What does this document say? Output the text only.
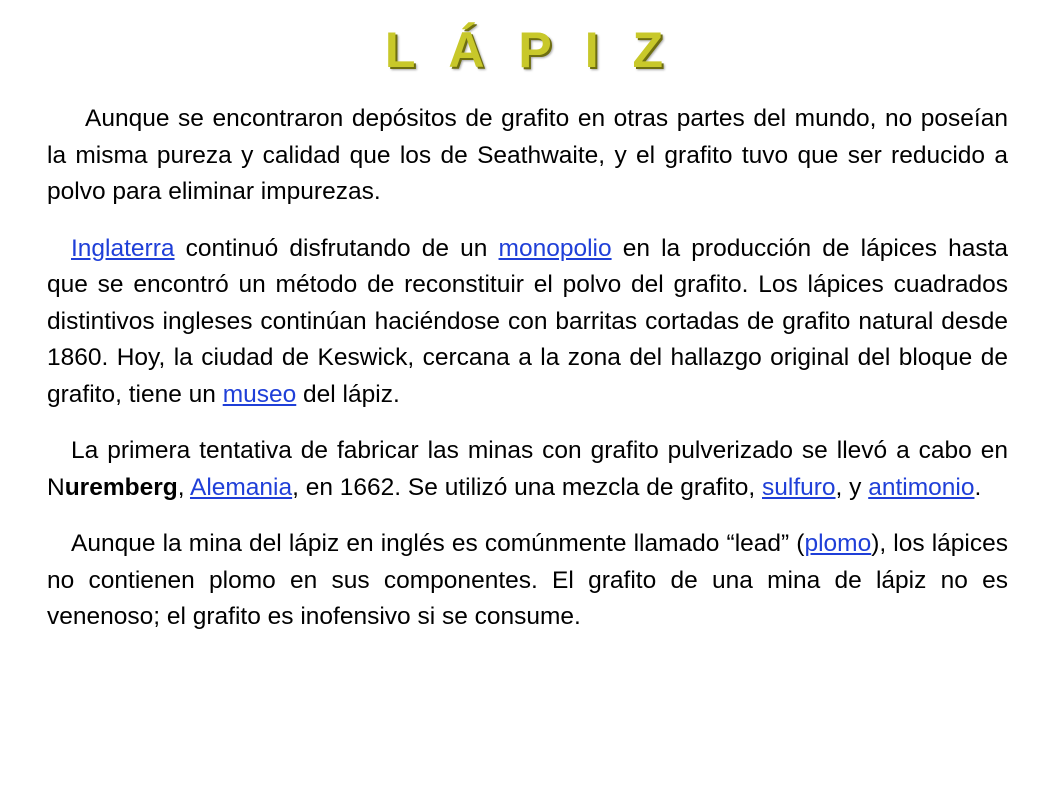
L Á P I Z

Aunque se encontraron depósitos de grafito en otras partes del mundo, no poseían la misma pureza y calidad que los de Seathwaite, y el grafito tuvo que ser reducido a polvo para eliminar impurezas.

Inglaterra continuó disfrutando de un monopolio en la producción de lápices hasta que se encontró un método de reconstituir el polvo del grafito. Los lápices cuadrados distintivos ingleses continúan haciéndose con barritas cortadas de grafito natural desde 1860. Hoy, la ciudad de Keswick, cercana a la zona del hallazgo original del bloque de grafito, tiene un museo del lápiz.

La primera tentativa de fabricar las minas con grafito pulverizado se llevó a cabo en Nuremberg, Alemania, en 1662. Se utilizó una mezcla de grafito, sulfuro, y antimonio.

Aunque la mina del lápiz en inglés es comúnmente llamado “lead” (plomo), los lápices no contienen plomo en sus componentes. El grafito de una mina de lápiz no es venenoso; el grafito es inofensivo si se consume.
